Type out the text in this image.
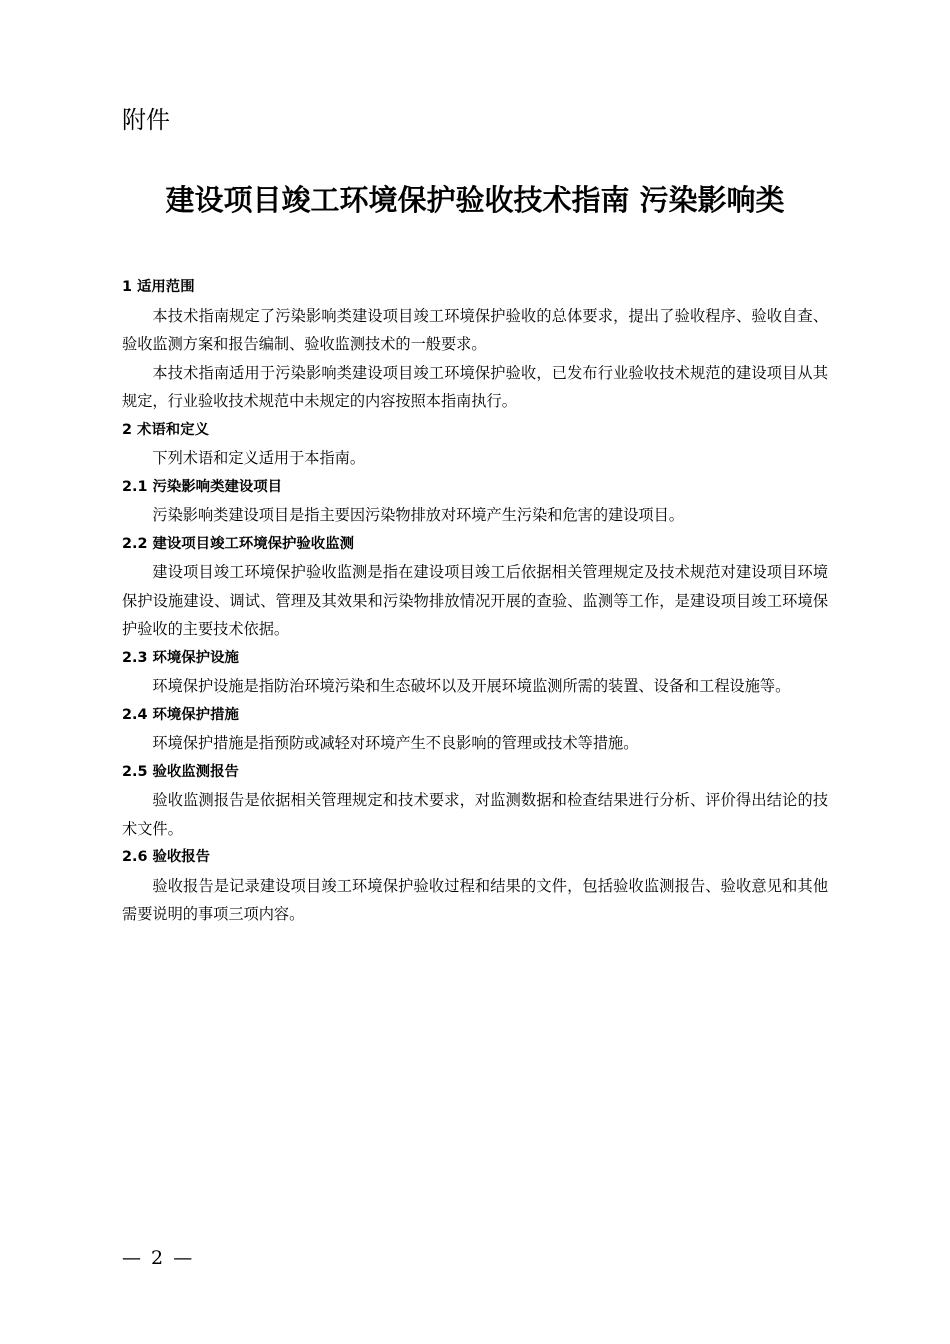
附件
建设项目竣工环境保护验收技术指南 污染影响类
1 适用范围

本技术指南规定了污染影响类建设项目竣工环境保护验收的总体要求，提出了验收程序、验收自查、验收监测方案和报告编制、验收监测技术的一般要求。

本技术指南适用于污染影响类建设项目竣工环境保护验收，已发布行业验收技术规范的建设项目从其规定，行业验收技术规范中未规定的内容按照本指南执行。

2 术语和定义

下列术语和定义适用于本指南。

2.1 污染影响类建设项目

污染影响类建设项目是指主要因污染物排放对环境产生污染和危害的建设项目。

2.2 建设项目竣工环境保护验收监测

建设项目竣工环境保护验收监测是指在建设项目竣工后依据相关管理规定及技术规范对建设项目环境保护设施建设、调试、管理及其效果和污染物排放情况开展的查验、监测等工作，是建设项目竣工环境保护验收的主要技术依据。

2.3 环境保护设施

环境保护设施是指防治环境污染和生态破坏以及开展环境监测所需的装置、设备和工程设施等。

2.4 环境保护措施

环境保护措施是指预防或减轻对环境产生不良影响的管理或技术等措施。

2.5 验收监测报告

验收监测报告是依据相关管理规定和技术要求，对监测数据和检查结果进行分析、评价得出结论的技术文件。

2.6 验收报告

验收报告是记录建设项目竣工环境保护验收过程和结果的文件，包括验收监测报告、验收意见和其他需要说明的事项三项内容。

— 2 —
